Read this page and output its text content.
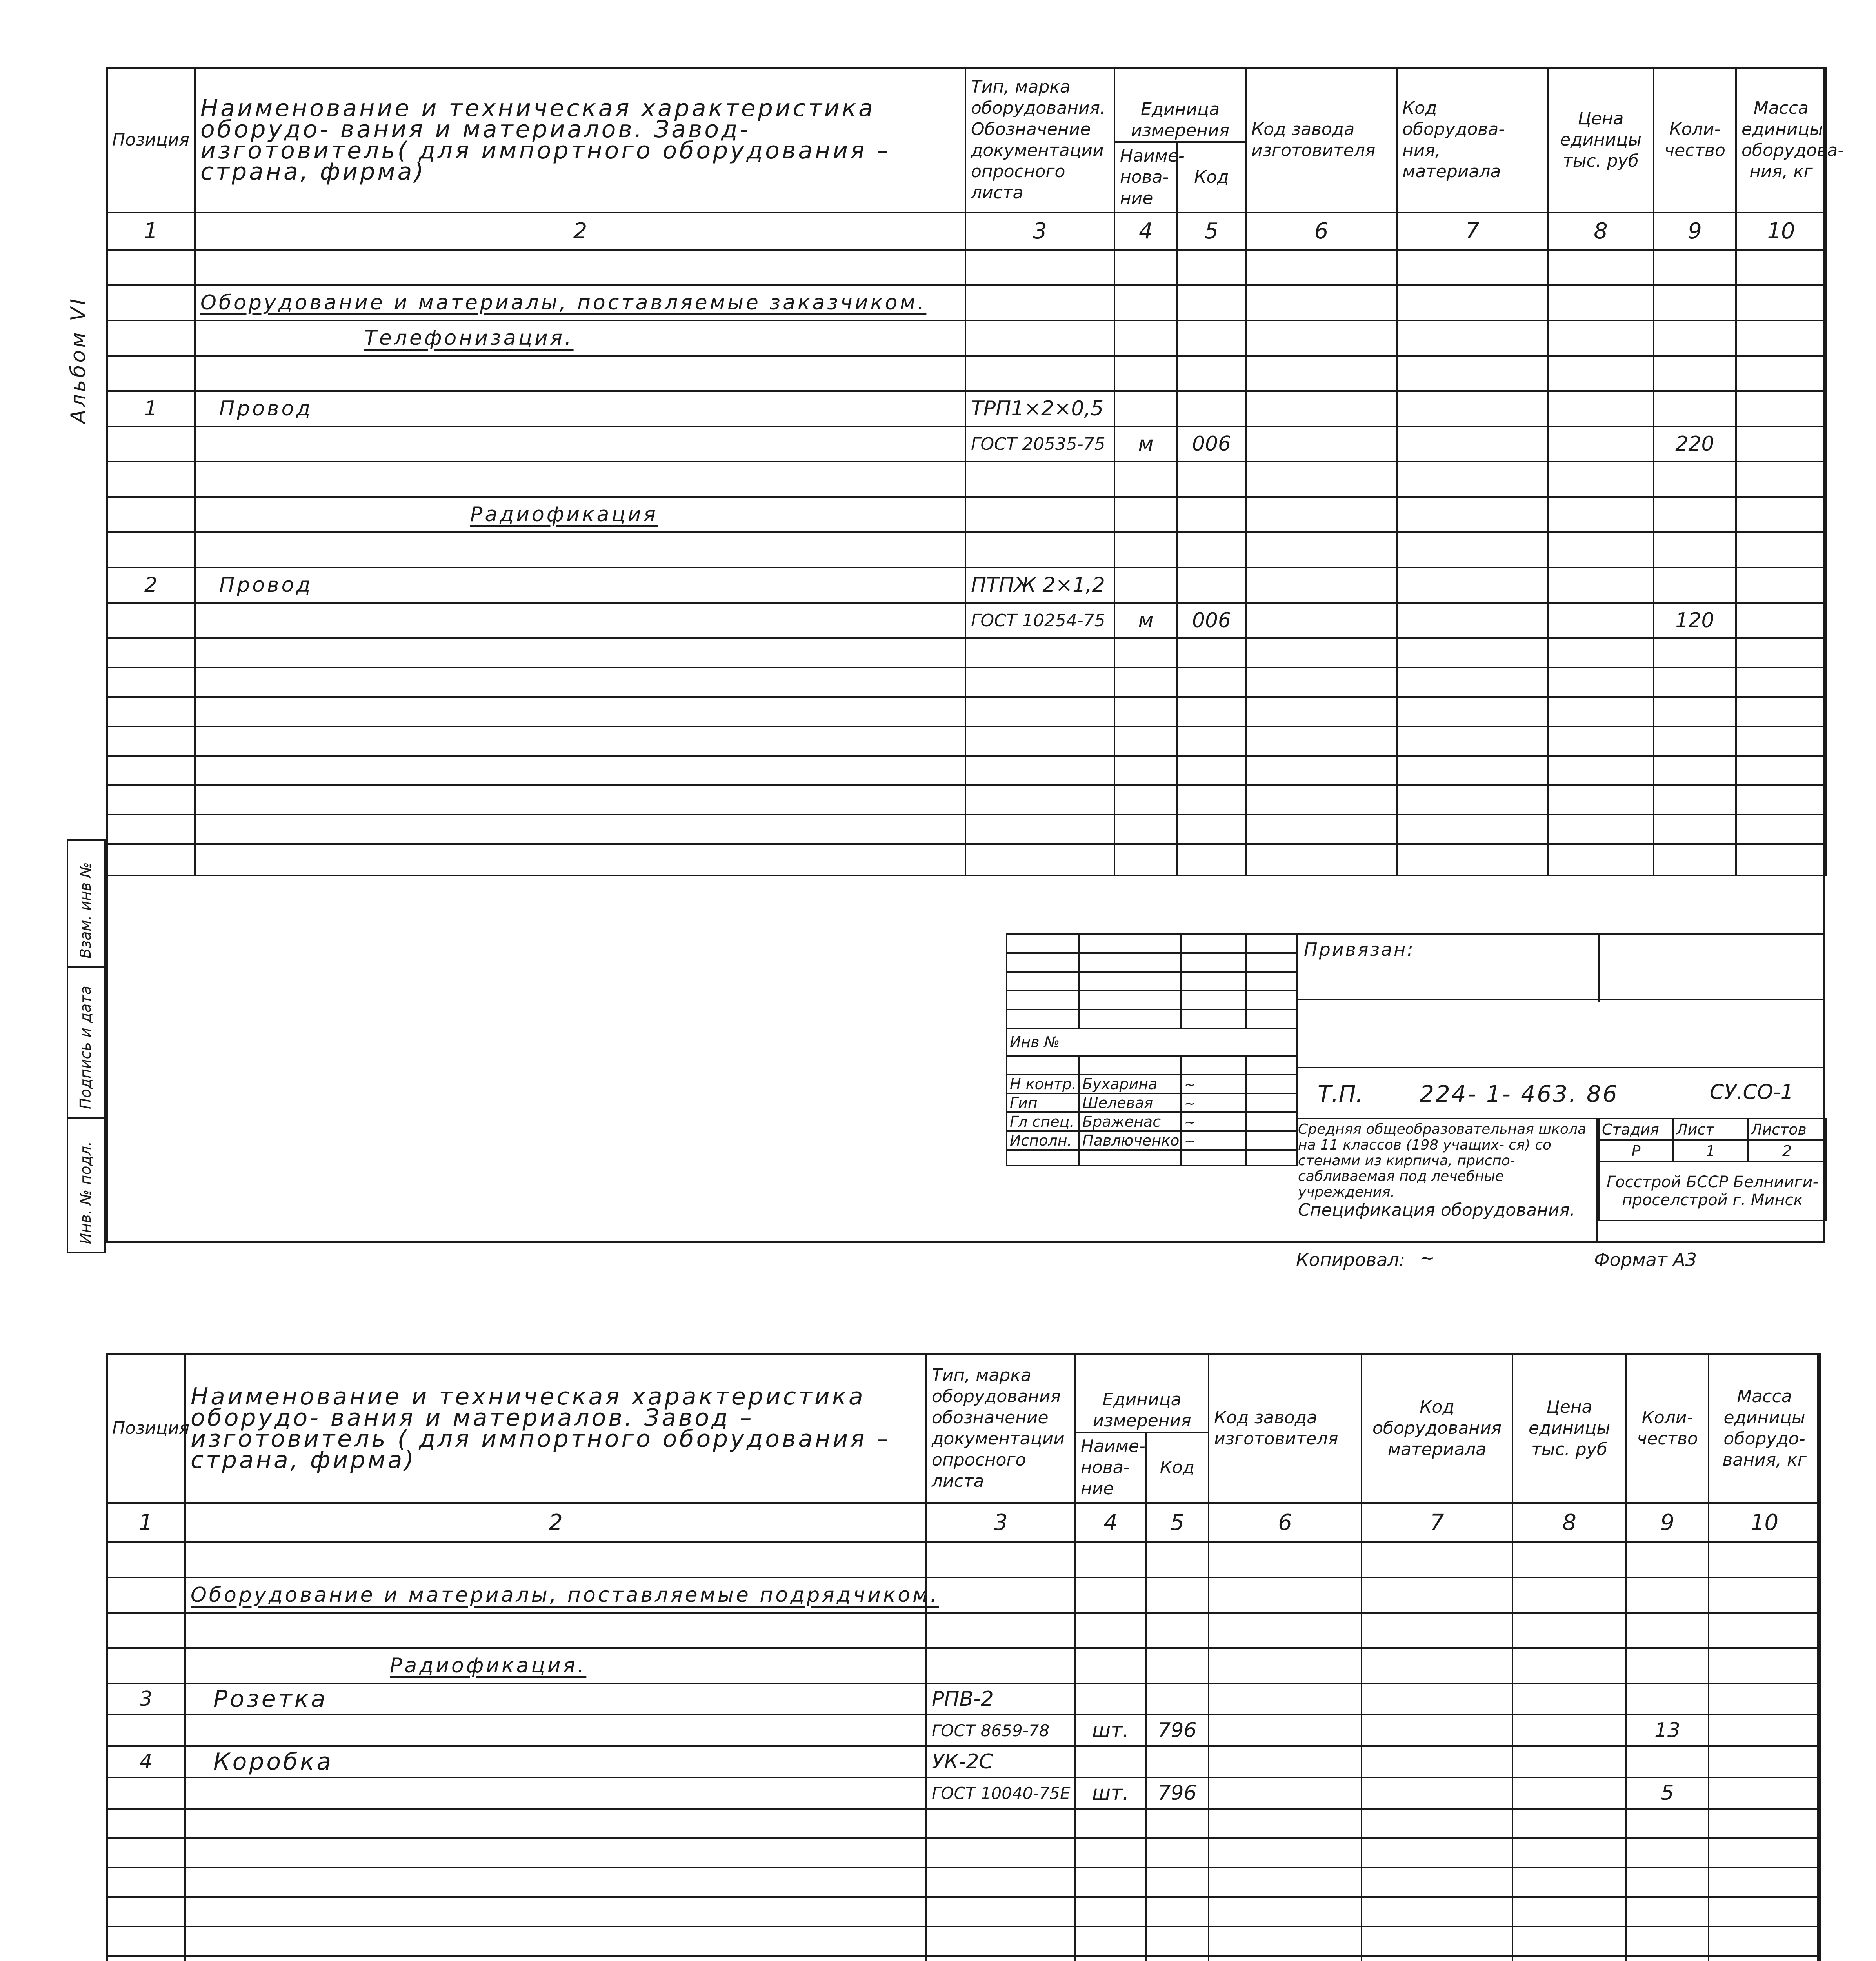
Альбом VI
Взам. инв №

Подпись и дата

Инв. № подл.
Позиция	Наименование и техническая характеристика оборудо- вания и материалов. Завод- изготовитель( для импортного оборудования – страна, фирма)	Тип, марка оборудования. Обозначение документации опросного листа	Единица измерения		Код завода изготовителя	Код оборудова- ния, материала	Цена единицы тыс. руб	Коли- чество	Масса единицы оборудова- ния, кг
			Наиме- нова- ние	Код					
1	2	3	4	5	6	7	8	9	10

	Оборудование и материалы, поставляемые заказчиком.								
	Телефонизация.								

1	Провод	ТРП1×2×0,5							
		ГОСТ 20535-75	м	006				220	

	Радиофикация								

2	Провод	ПТПЖ 2×1,2							
		ГОСТ 10254-75	м	006				120	

Инв №			

Н контр.	Бухарина	~	
Гип	Шелевая	~	
Гл спец.	Браженас	~	
Исполн.	Павлюченко	~	

Привязан:
Т.П. 224- 1- 463. 86	СУ.СО-1
Средняя общеобразовательная школа на 11 классов (198 учащих- ся) со стенами из кирпича, приспо- сабливаемая под лечебные учреждения.
Спецификация оборудования.
Стадия	Лист	Листов
Р	1	2
Госстрой БССР Белниигипроселстрой г. Минск		
Копировал: ~	Формат А3

Позиция	Наименование и техническая характеристика оборудо- вания и материалов. Завод – изготовитель ( для импортного оборудования – страна, фирма)	Тип, марка оборудования обозначение документации опросного листа	Единица измерения		Код завода изготовителя	Код оборудования материала	Цена единицы тыс. руб	Коли- чество	Масса единицы оборудо- вания, кг
			Наиме- нова- ние	Код					
1	2	3	4	5	6	7	8	9	10

	Оборудование и материалы, поставляемые подрядчиком.								

	Радиофикация.								
3	Розетка	РПВ-2							
		ГОСТ 8659-78	шт.	796				13	
4	Коробка	УК-2С							
		ГОСТ 10040-75Е	шт.	796				5	
